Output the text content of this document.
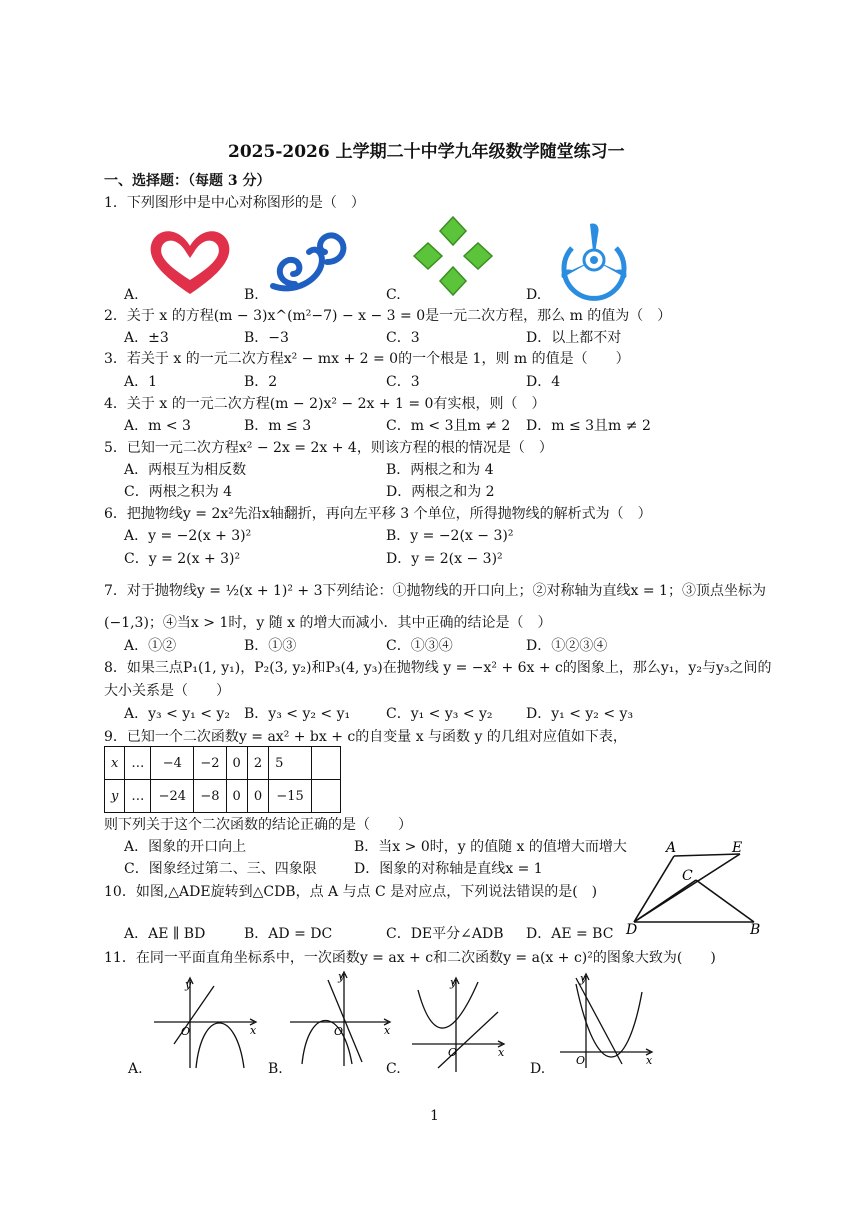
2025-2026 上学期二十中学九年级数学随堂练习一
一、选择题：（每题 3 分）
1．下列图形中是中心对称图形的是（　）
A.	B.	C.	D.
2．关于 x 的方程(m − 3)x^(m²−7) − x − 3 = 0是一元二次方程，那么 m 的值为（　）
A．±3	B．−3	C．3	D．以上都不对
3．若关于 x 的一元二次方程x² − mx + 2 = 0的一个根是 1，则 m 的值是（　　）
A．1	B．2	C．3	D．4
4．关于 x 的一元二次方程(m − 2)x² − 2x + 1 = 0有实根，则（　）
A．m < 3	B．m ≤ 3	C．m < 3且m ≠ 2 D．m ≤ 3且m ≠ 2
5．已知一元二次方程x² − 2x = 2x + 4，则该方程的根的情况是（　）
A．两根互为相反数	B．两根之和为 4
C．两根之积为 4	D．两根之和为 2
6．把抛物线y = 2x²先沿x轴翻折，再向左平移 3 个单位，所得抛物线的解析式为（　）
A．y = −2(x + 3)²	B．y = −2(x − 3)²
C．y = 2(x + 3)²	D．y = 2(x − 3)²
7．对于抛物线y = ½(x + 1)² + 3下列结论：①抛物线的开口向上；②对称轴为直线x = 1；③顶点坐标为
(−1,3)；④当x > 1时，y 随 x 的增大而减小．其中正确的结论是（　）
A．①②	B．①③	C．①③④	D．①②③④
8．如果三点P₁(1, y₁)，P₂(3, y₂)和P₃(4, y₃)在抛物线 y = −x² + 6x + c的图象上，那么y₁，y₂与y₃之间的
大小关系是（　　）
A．y₃ < y₁ < y₂ B．y₃ < y₂ < y₁	C．y₁ < y₃ < y₂ D．y₁ < y₂ < y₃
9．已知一个二次函数y = ax² + bx + c的自变量 x 与函数 y 的几组对应值如下表，
x	…	−4	−2	0	2	5	
y	…	−24	−8	0	0	−15	
则下列关于这个二次函数的结论正确的是（　　）
A．图象的开口向上	B．当x > 0时，y 的值随 x 的值增大而增大
C．图象经过第二、三、四象限	D．图象的对称轴是直线x = 1
10．如图,△ADE旋转到△CDB，点 A 与点 C 是对应点，下列说法错误的是(　)
A．AE ∥ BD	B．AD = DC	C．DE平分∠ADB D．AE = BC
A	E
C
D	B
11．在同一平面直角坐标系中，一次函数y = ax + c和二次函数y = a(x + c)²的图象大致为(　　)
y
x
O
A.
y
x
O
B.
y
x
O
C.
y
x
O
D.
1
